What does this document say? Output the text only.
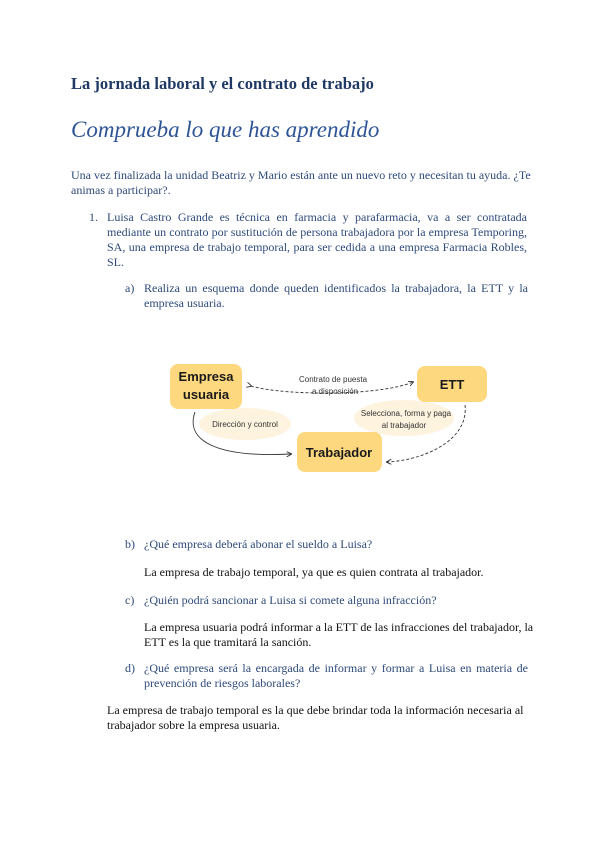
La jornada laboral y el contrato de trabajo
Comprueba lo que has aprendido
Una vez finalizada la unidad Beatriz y Mario están ante un nuevo reto y necesitan tu ayuda. ¿Te animas a participar?.
1. Luisa Castro Grande es técnica en farmacia y parafarmacia, va a ser contratada mediante un contrato por sustitución de persona trabajadora por la empresa Temporing, SA, una empresa de trabajo temporal, para ser cedida a una empresa Farmacia Robles, SL.
a) Realiza un esquema donde queden identificados la trabajadora, la ETT y la empresa usuaria.
Empresa
usuaria
ETT
Trabajador
Contrato de puesta
a disposición
Dirección y control
Selecciona, forma y paga
al trabajador
b) ¿Qué empresa deberá abonar el sueldo a Luisa?
La empresa de trabajo temporal, ya que es quien contrata al trabajador.
c) ¿Quién podrá sancionar a Luisa si comete alguna infracción?
La empresa usuaria podrá informar a la ETT de las infracciones del trabajador, la ETT es la que tramitará la sanción.
d) ¿Qué empresa será la encargada de informar y formar a Luisa en materia de prevención de riesgos laborales?
La empresa de trabajo temporal es la que debe brindar toda la información necesaria al trabajador sobre la empresa usuaria.
